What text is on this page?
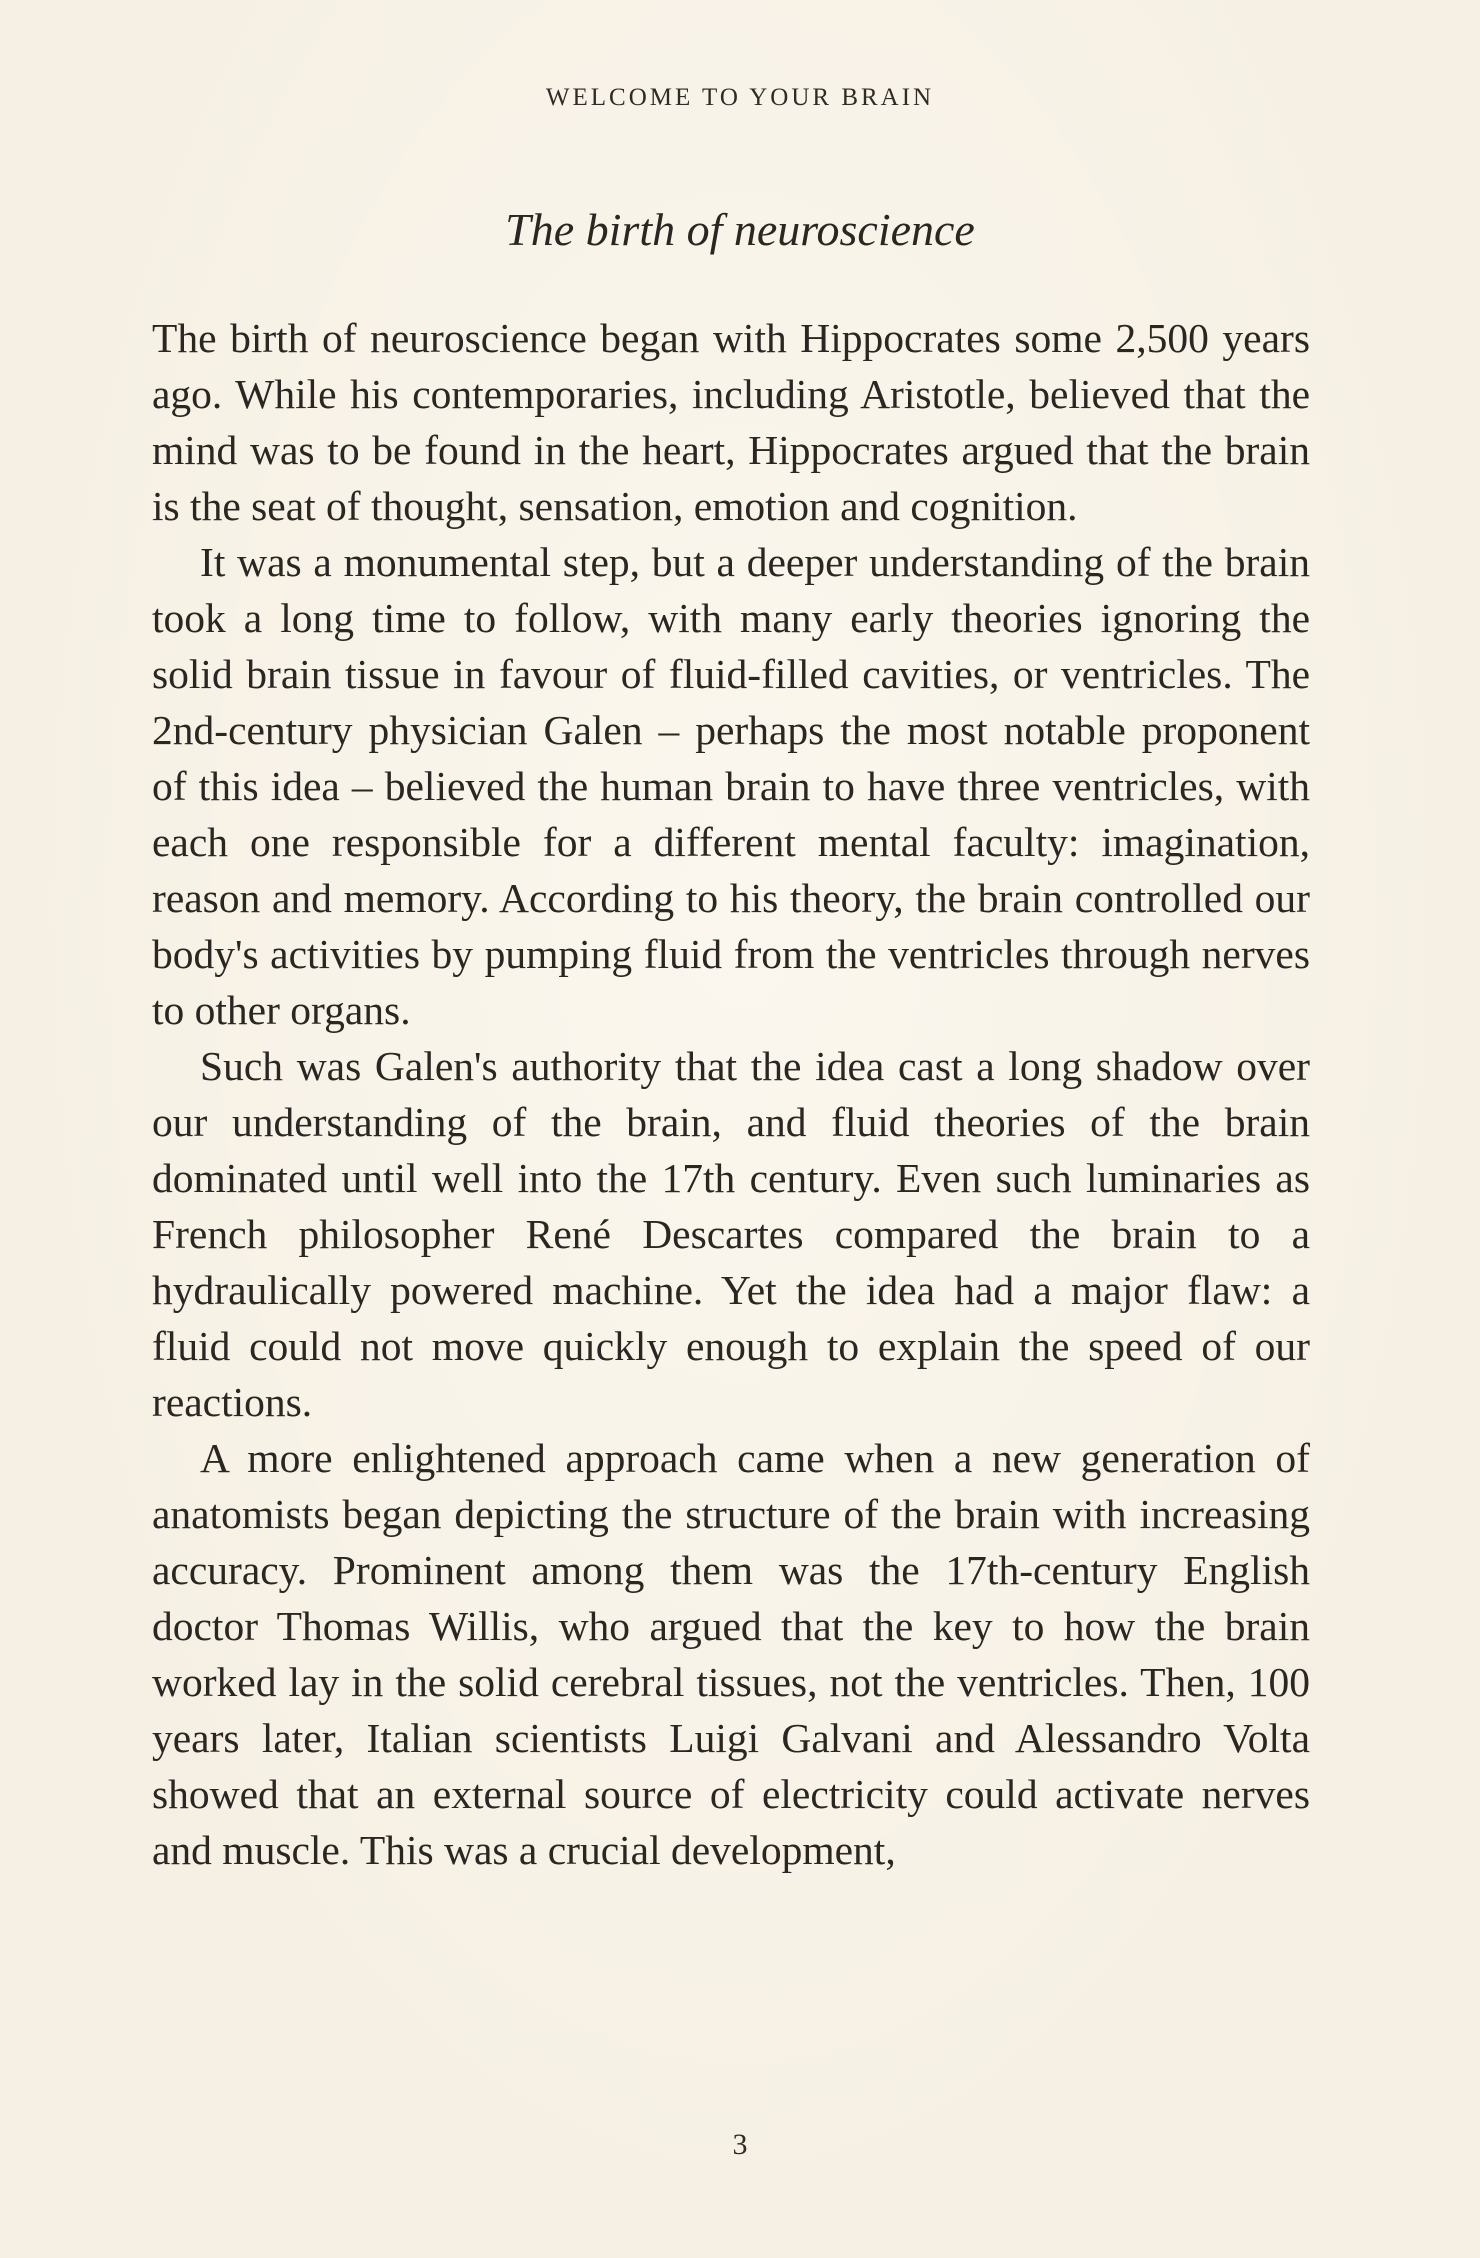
WELCOME TO YOUR BRAIN
The birth of neuroscience

The birth of neuroscience began with Hippocrates some 2,500 years ago. While his contemporaries, including Aristotle, believed that the mind was to be found in the heart, Hippocrates argued that the brain is the seat of thought, sensation, emotion and cognition.

It was a monumental step, but a deeper understanding of the brain took a long time to follow, with many early theories ignoring the solid brain tissue in favour of fluid-filled cavities, or ventricles. The 2nd-century physician Galen – perhaps the most notable proponent of this idea – believed the human brain to have three ventricles, with each one responsible for a different mental faculty: imagination, reason and memory. According to his theory, the brain controlled our body's activities by pumping fluid from the ventricles through nerves to other organs.

Such was Galen's authority that the idea cast a long shadow over our understanding of the brain, and fluid theories of the brain dominated until well into the 17th century. Even such luminaries as French philosopher René Descartes compared the brain to a hydraulically powered machine. Yet the idea had a major flaw: a fluid could not move quickly enough to explain the speed of our reactions.

A more enlightened approach came when a new generation of anatomists began depicting the structure of the brain with increasing accuracy. Prominent among them was the 17th-century English doctor Thomas Willis, who argued that the key to how the brain worked lay in the solid cerebral tissues, not the ventricles. Then, 100 years later, Italian scientists Luigi Galvani and Alessandro Volta showed that an external source of electricity could activate nerves and muscle. This was a crucial development,

3
